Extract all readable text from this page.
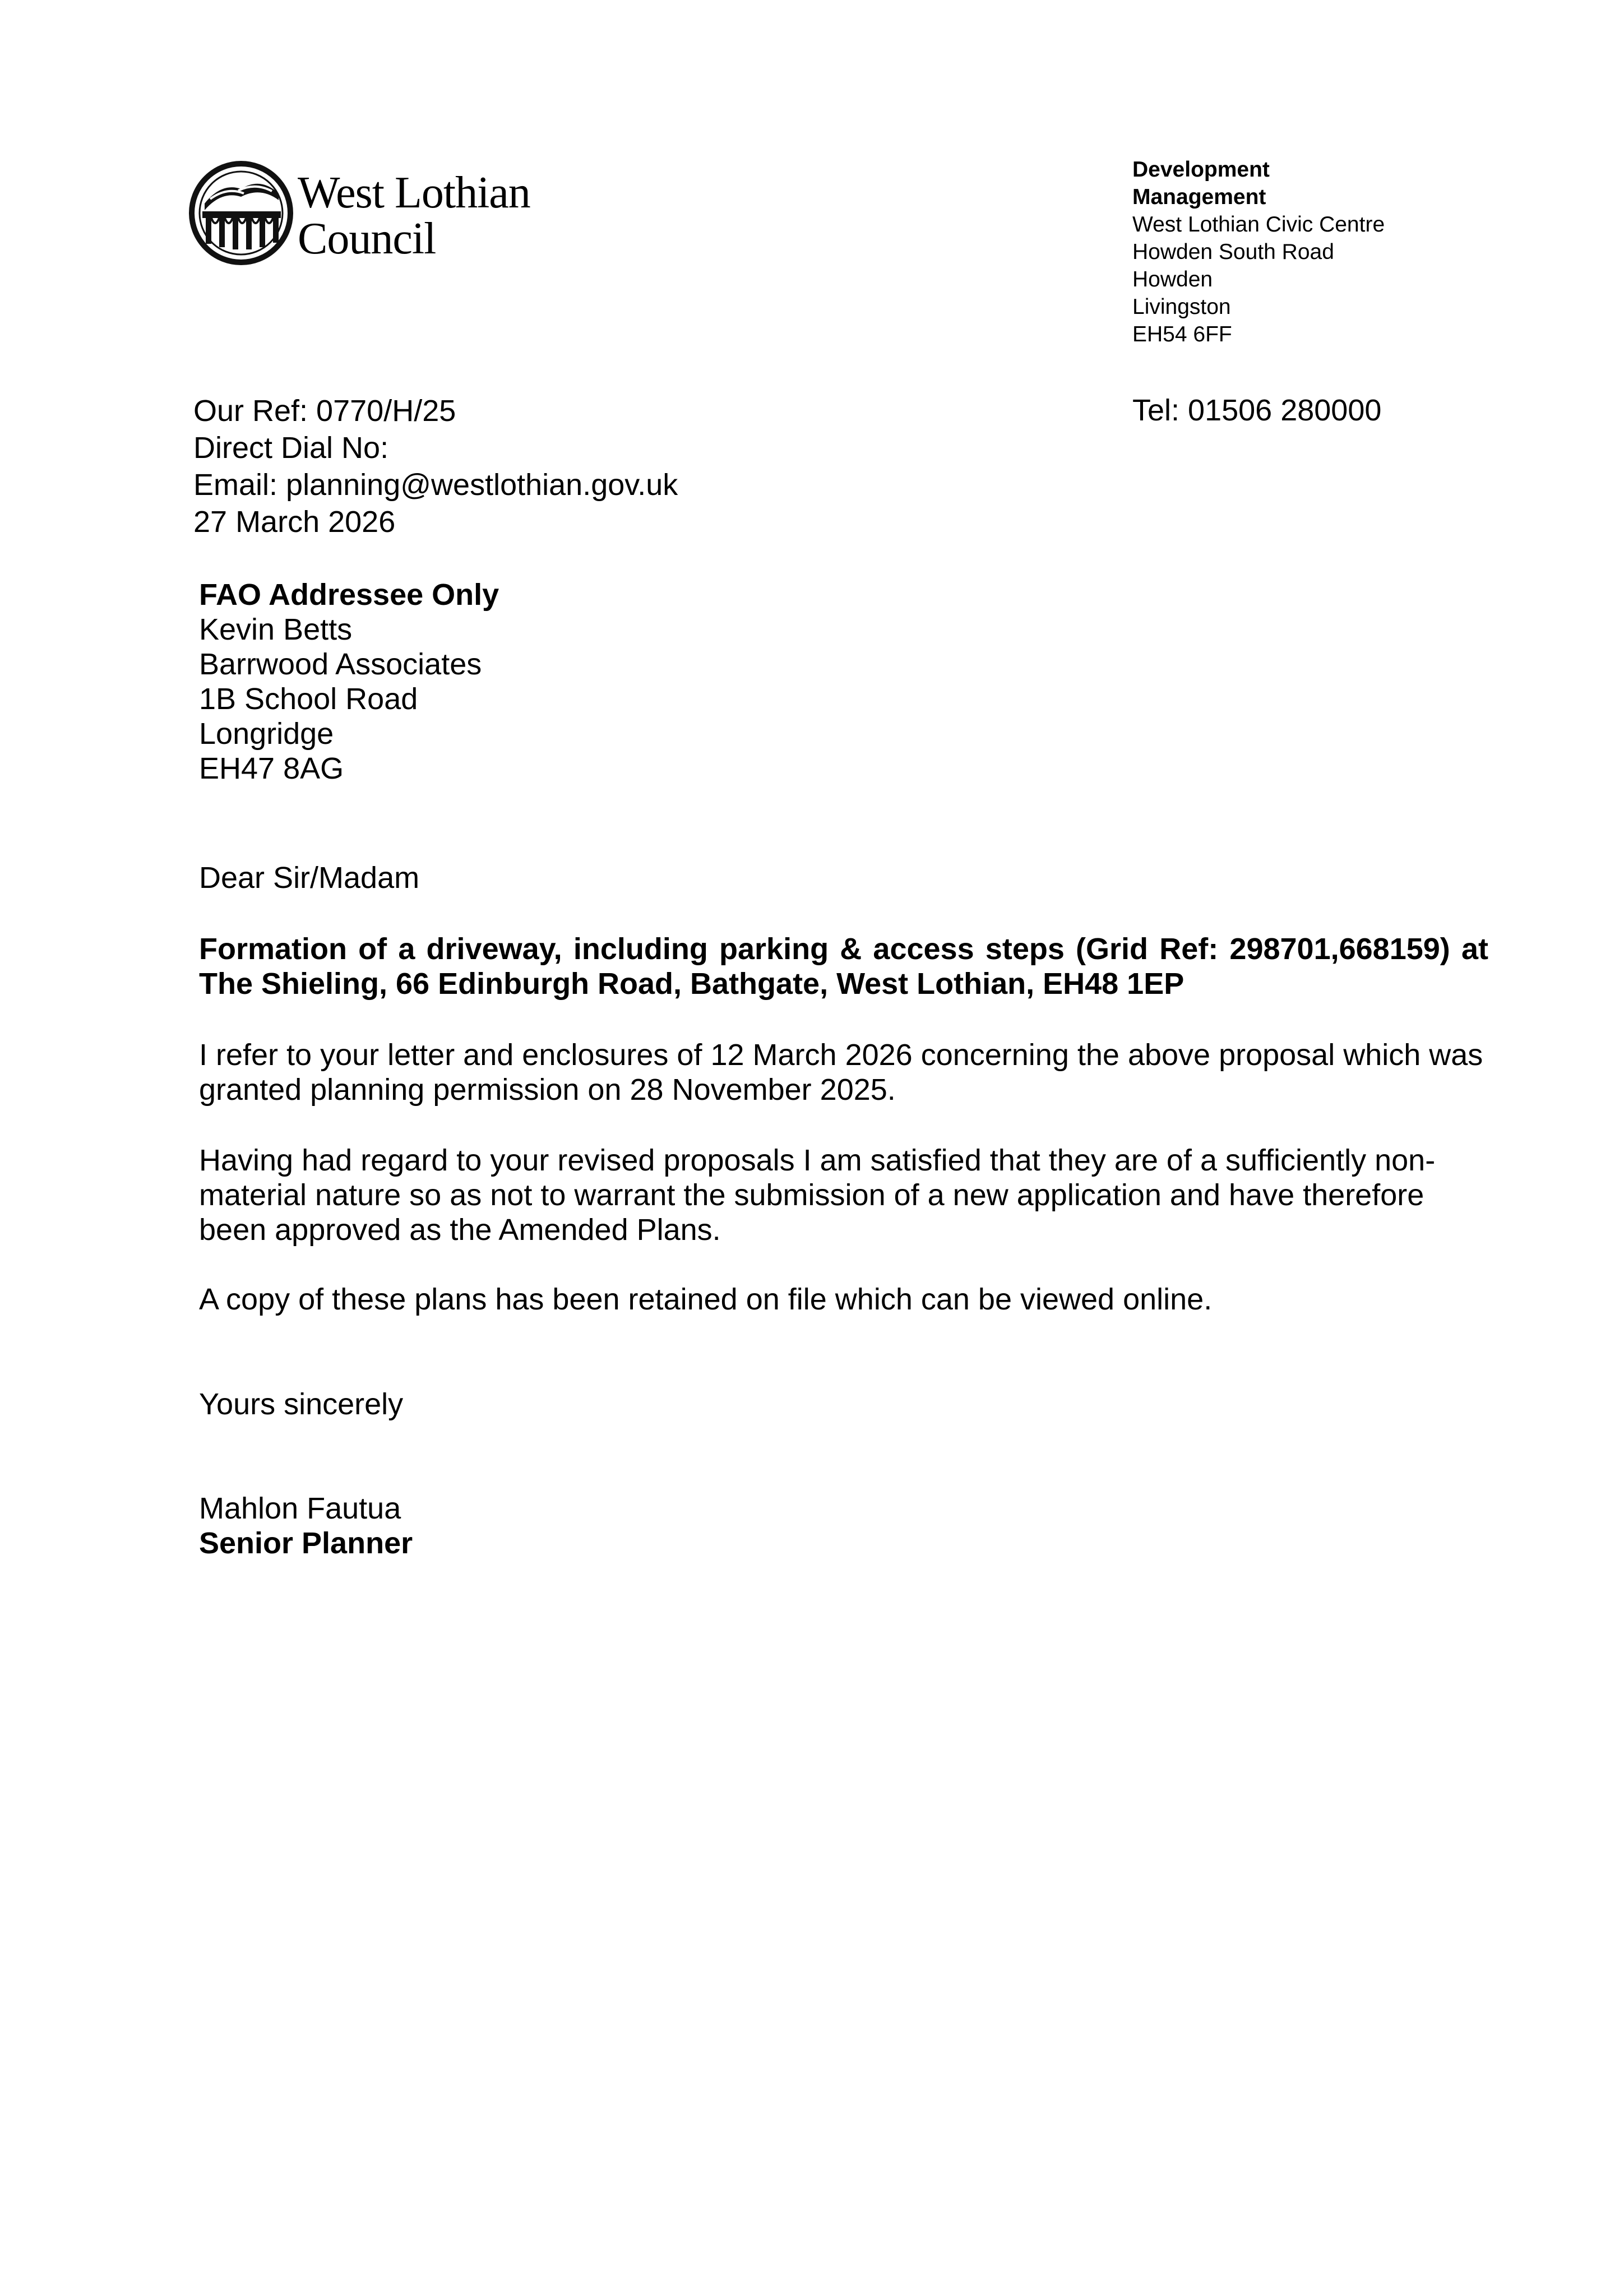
West Lothian
Council
Development
Management
West Lothian Civic Centre
Howden South Road
Howden
Livingston
EH54 6FF
Tel: 01506 280000
Our Ref: 0770/H/25
Direct Dial No:
Email: planning@westlothian.gov.uk
27 March 2026
FAO Addressee Only
Kevin Betts
Barrwood Associates
1B School Road
Longridge
EH47 8AG
Dear Sir/Madam
Formation of a driveway, including parking & access steps (Grid Ref: 298701,668159) at
The Shieling, 66 Edinburgh Road, Bathgate, West Lothian, EH48 1EP
I refer to your letter and enclosures of 12 March 2026 concerning the above proposal which was
granted planning permission on 28 November 2025.
Having had regard to your revised proposals I am satisfied that they are of a sufficiently non-
material nature so as not to warrant the submission of a new application and have therefore
been approved as the Amended Plans.
A copy of these plans has been retained on file which can be viewed online.
Yours sincerely
Mahlon Fautua
Senior Planner
